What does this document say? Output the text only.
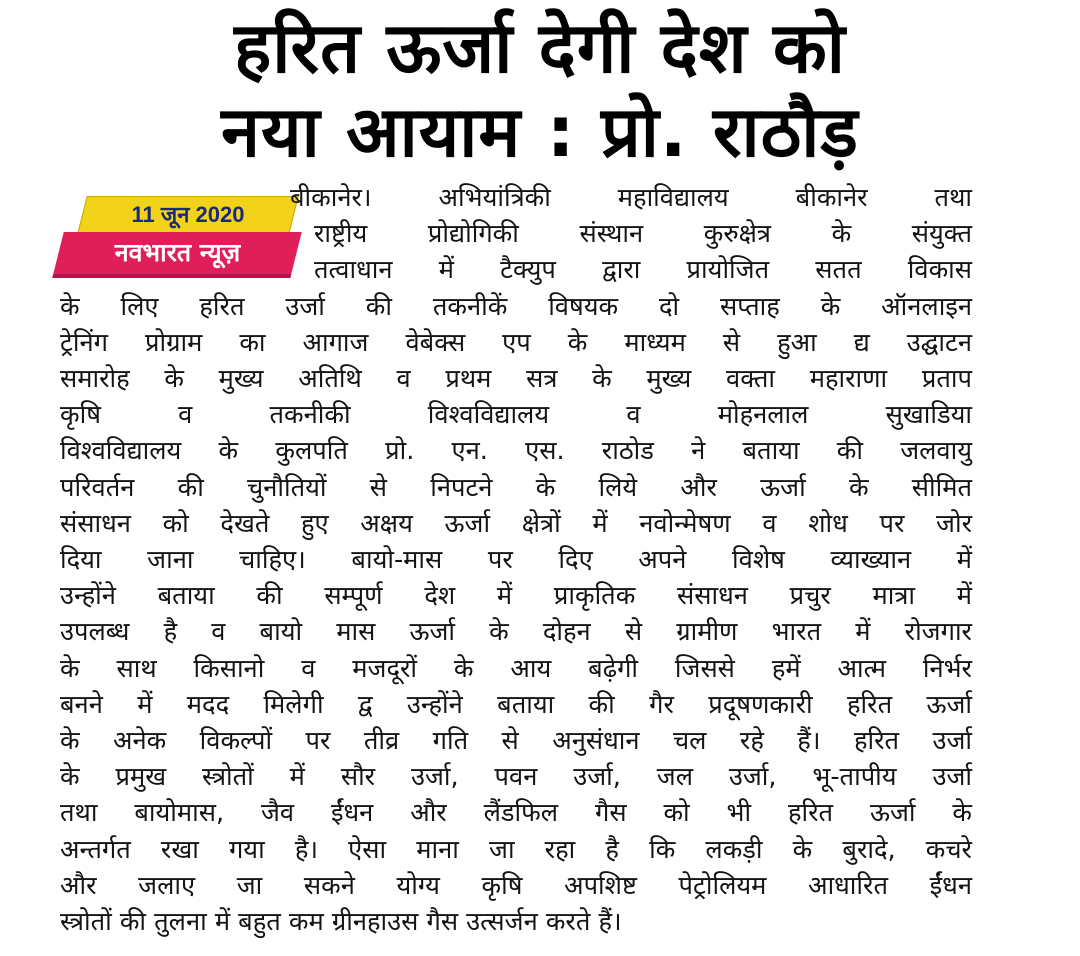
हरित ऊर्जा देगी देश को
नया आयाम : प्रो. राठौड़
11 जून 2020
नवभारत न्यूज़
बीकानेर। अभियांत्रिकी महाविद्यालय बीकानेर तथा
राष्ट्रीय प्रोद्योगिकी संस्थान कुरुक्षेत्र के संयुक्त
तत्वाधान में टैक्युप द्वारा प्रायोजित सतत विकास
के लिए हरित उर्जा की तकनीकें विषयक दो सप्ताह के ऑनलाइन
ट्रेनिंग प्रोग्राम का आगाज वेबेक्स एप के माध्यम से हुआ द्य उद्घाटन
समारोह के मुख्य अतिथि व प्रथम सत्र के मुख्य वक्ता महाराणा प्रताप
कृषि व तकनीकी विश्वविद्यालय व मोहनलाल सुखाडिया
विश्वविद्यालय के कुलपति प्रो. एन. एस. राठोड ने बताया की जलवायु
परिवर्तन की चुनौतियों से निपटने के लिये और ऊर्जा के सीमित
संसाधन को देखते हुए अक्षय ऊर्जा क्षेत्रों में नवोन्मेषण व शोध पर जोर
दिया जाना चाहिए। बायो-मास पर दिए अपने विशेष व्याख्यान में
उन्होंने बताया की सम्पूर्ण देश में प्राकृतिक संसाधन प्रचुर मात्रा में
उपलब्ध है व बायो मास ऊर्जा के दोहन से ग्रामीण भारत में रोजगार
के साथ किसानो व मजदूरों के आय बढ़ेगी जिससे हमें आत्म निर्भर
बनने में मदद मिलेगी द्व उन्होंने बताया की गैर प्रदूषणकारी हरित ऊर्जा
के अनेक विकल्पों पर तीव्र गति से अनुसंधान चल रहे हैं। हरित उर्जा
के प्रमुख स्त्रोतों में सौर उर्जा, पवन उर्जा, जल उर्जा, भू-तापीय उर्जा
तथा बायोमास, जैव ईंधन और लैंडफिल गैस को भी हरित ऊर्जा के
अन्तर्गत रखा गया है। ऐसा माना जा रहा है कि लकड़ी के बुरादे, कचरे
और जलाए जा सकने योग्य कृषि अपशिष्ट पेट्रोलियम आधारित ईंधन
स्त्रोतों की तुलना में बहुत कम ग्रीनहाउस गैस उत्सर्जन करते हैं।
